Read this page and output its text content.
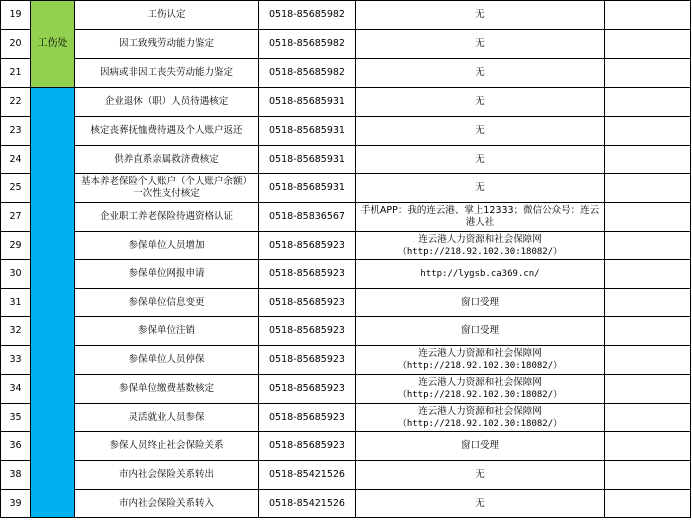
19	工伤处	工伤认定	0518-85685982	无	

20		因工致残劳动能力鉴定	0518-85685982	无	

21		因病或非因工丧失劳动能力鉴定	0518-85685982	无	

22		企业退休（职）人员待遇核定	0518-85685931	无	

23		核定丧葬抚恤费待遇及个人账户返还	0518-85685931	无	

24		供养直系亲属救济费核定	0518-85685931	无	

25		基本养老保险个人账户（个人账户余额）一次性支付核定	0518-85685931	无	

27		企业职工养老保险待遇资格认证	0518-85836567	手机APP：我的连云港、掌上12333；微信公众号：连云港人社	

29		参保单位人员增加	0518-85685923	连云港人力资源和社会保障网
（http://218.92.102.30:18082/）	

30		参保单位网报申请	0518-85685923	http://lygsb.ca369.cn/	

31		参保单位信息变更	0518-85685923	窗口受理	

32		参保单位注销	0518-85685923	窗口受理	

33		参保单位人员停保	0518-85685923	连云港人力资源和社会保障网
（http://218.92.102.30:18082/）	

34		参保单位缴费基数核定	0518-85685923	连云港人力资源和社会保障网
（http://218.92.102.30:18082/）	

35		灵活就业人员参保	0518-85685923	连云港人力资源和社会保障网
（http://218.92.102.30:18082/）	

36		参保人员终止社会保险关系	0518-85685923	窗口受理	

38		市内社会保险关系转出	0518-85421526	无	

39		市内社会保险关系转入	0518-85421526	无	
